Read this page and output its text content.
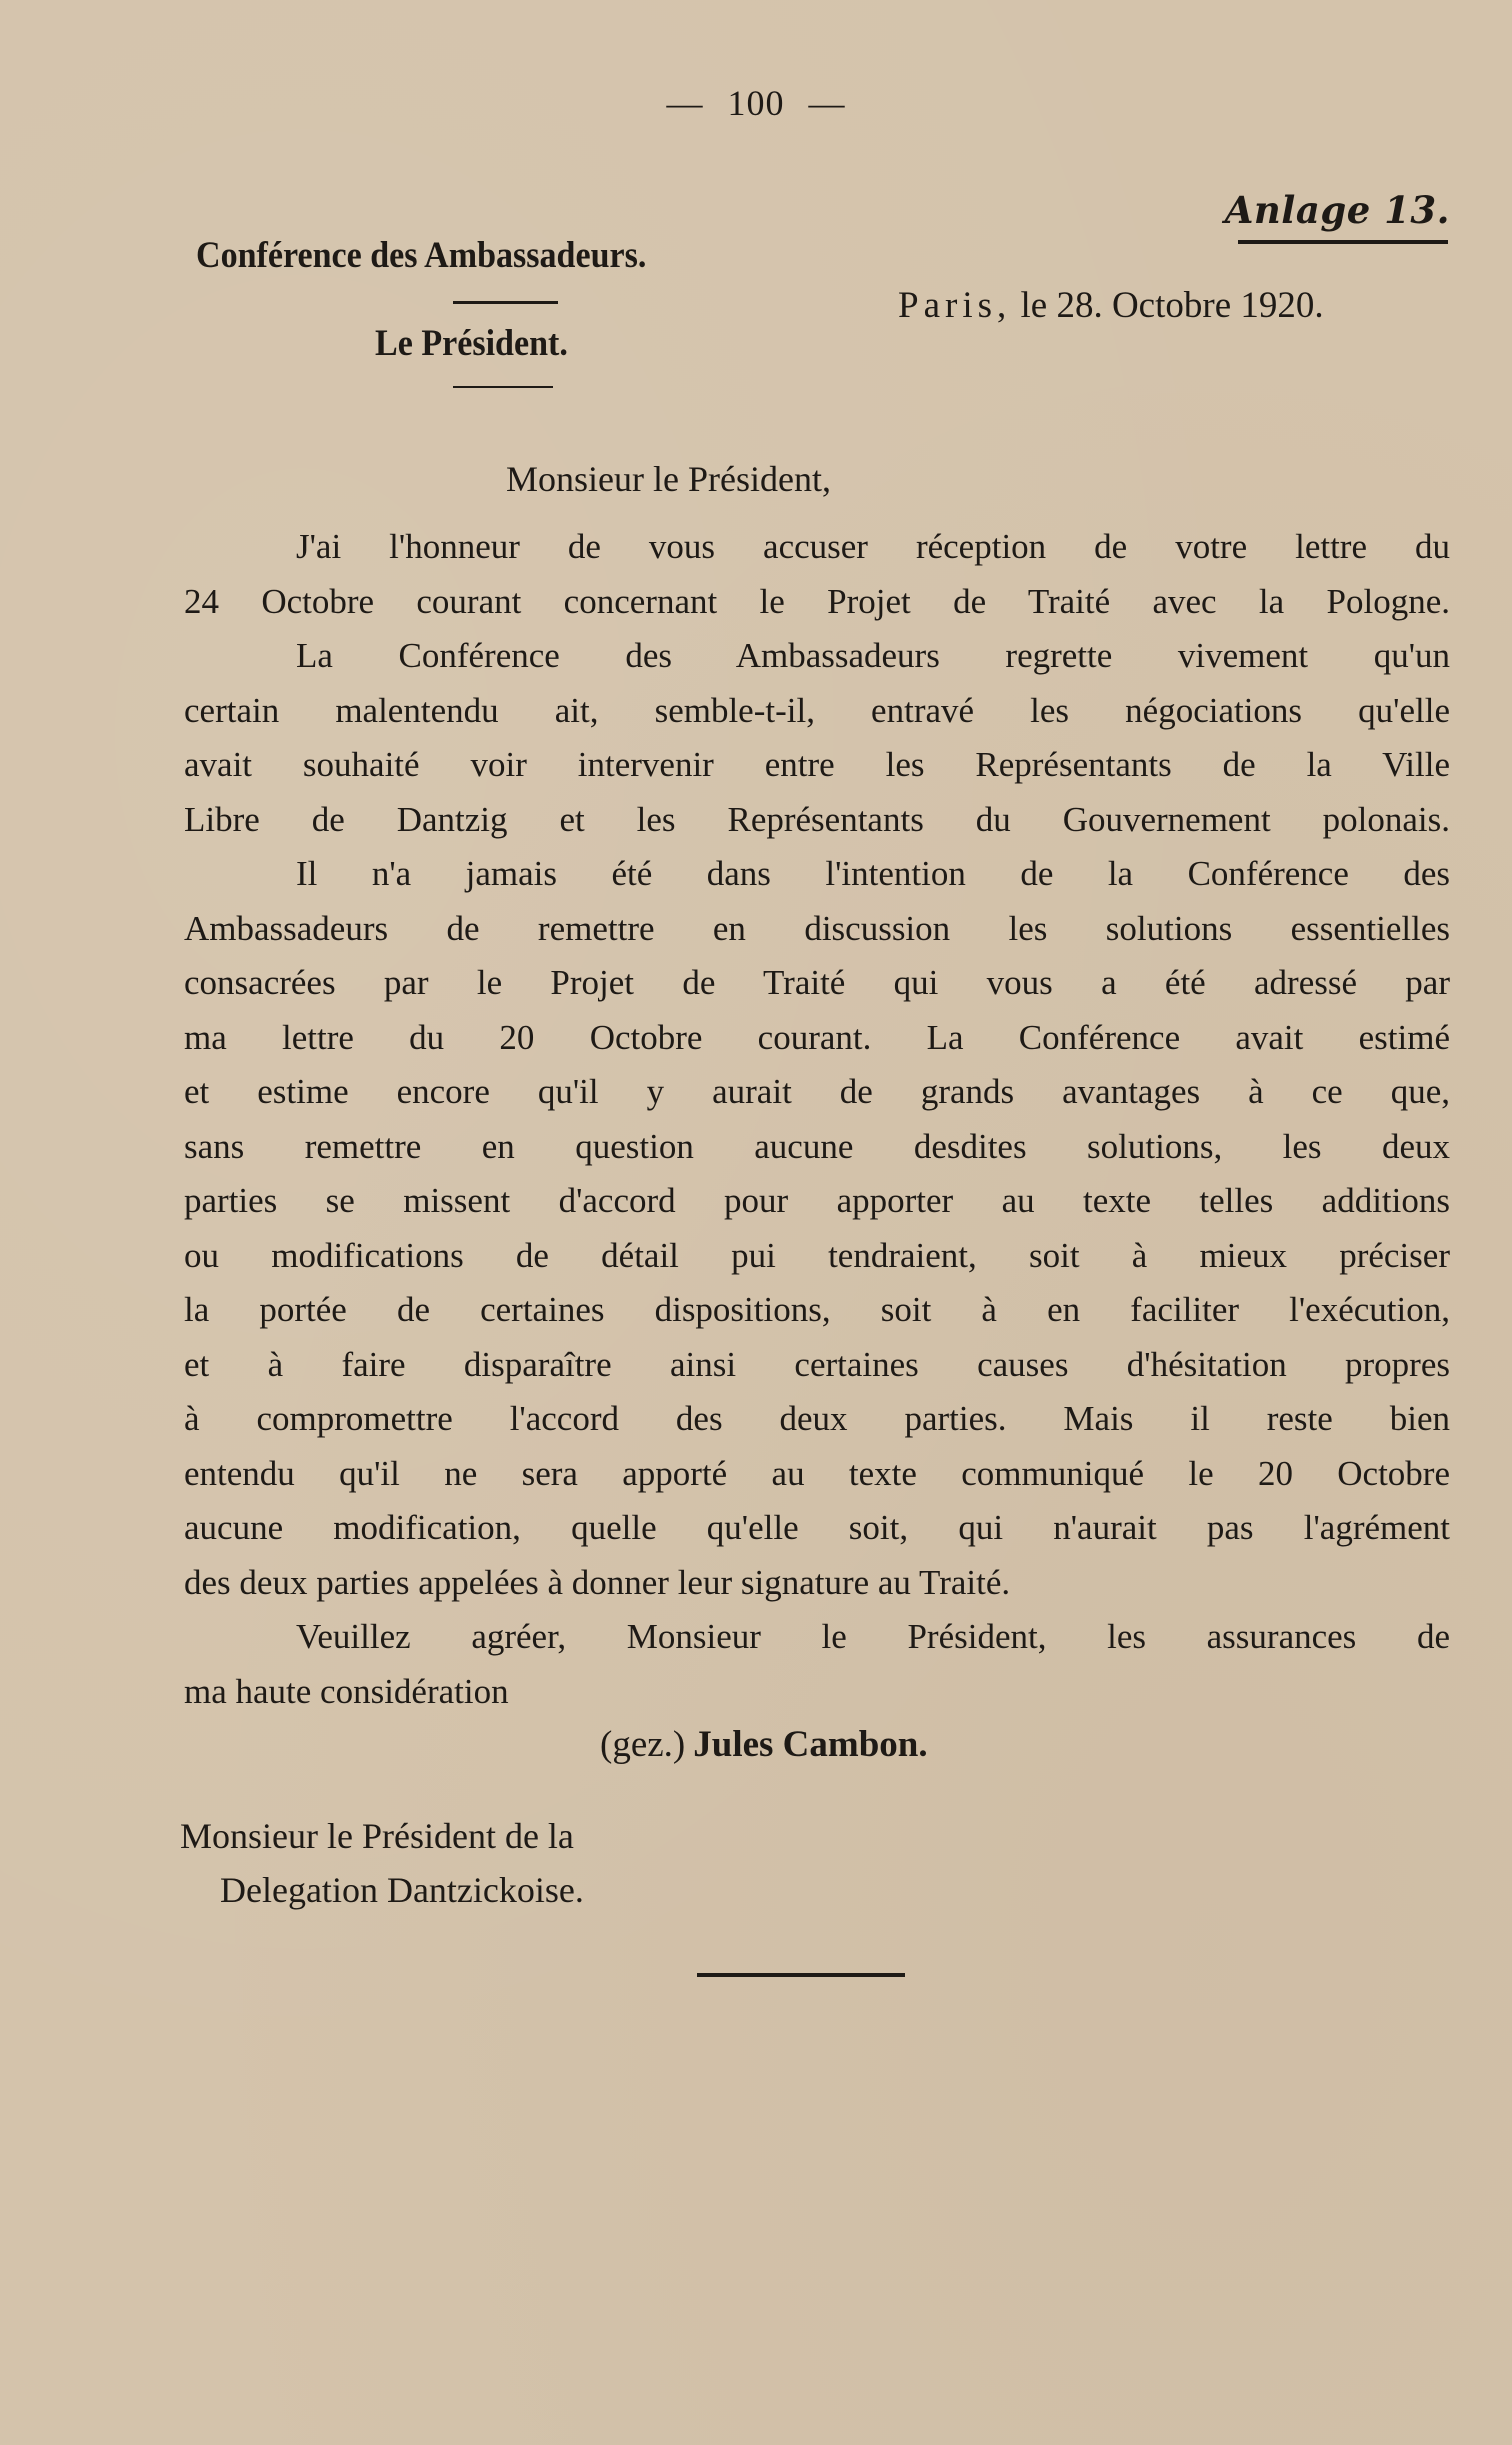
— 100 —
Anlage 13.
Conférence des Ambassadeurs.
Le Président.
Paris, le 28. Octobre 1920.
Monsieur le Président,
J'ai l'honneur de vous accuser réception de votre lettre du
24 Octobre courant concernant le Projet de Traité avec la Pologne.
La Conférence des Ambassadeurs regrette vivement qu'un
certain malentendu ait, semble-t-il, entravé les négociations qu'elle
avait souhaité voir intervenir entre les Représentants de la Ville
Libre de Dantzig et les Représentants du Gouvernement polonais.
Il n'a jamais été dans l'intention de la Conférence des
Ambassadeurs de remettre en discussion les solutions essentielles
consacrées par le Projet de Traité qui vous a été adressé par
ma lettre du 20 Octobre courant. La Conférence avait estimé
et estime encore qu'il y aurait de grands avantages à ce que,
sans remettre en question aucune desdites solutions, les deux
parties se missent d'accord pour apporter au texte telles additions
ou modifications de détail pui tendraient, soit à mieux préciser
la portée de certaines dispositions, soit à en faciliter l'exécution,
et à faire disparaître ainsi certaines causes d'hésitation propres
à compromettre l'accord des deux parties. Mais il reste bien
entendu qu'il ne sera apporté au texte communiqué le 20 Octobre
aucune modification, quelle qu'elle soit, qui n'aurait pas l'agrément
des deux parties appelées à donner leur signature au Traité.
Veuillez agréer, Monsieur le Président, les assurances de
ma haute considération
(gez.) Jules Cambon.
Monsieur le Président de la
Delegation Dantzickoise.
